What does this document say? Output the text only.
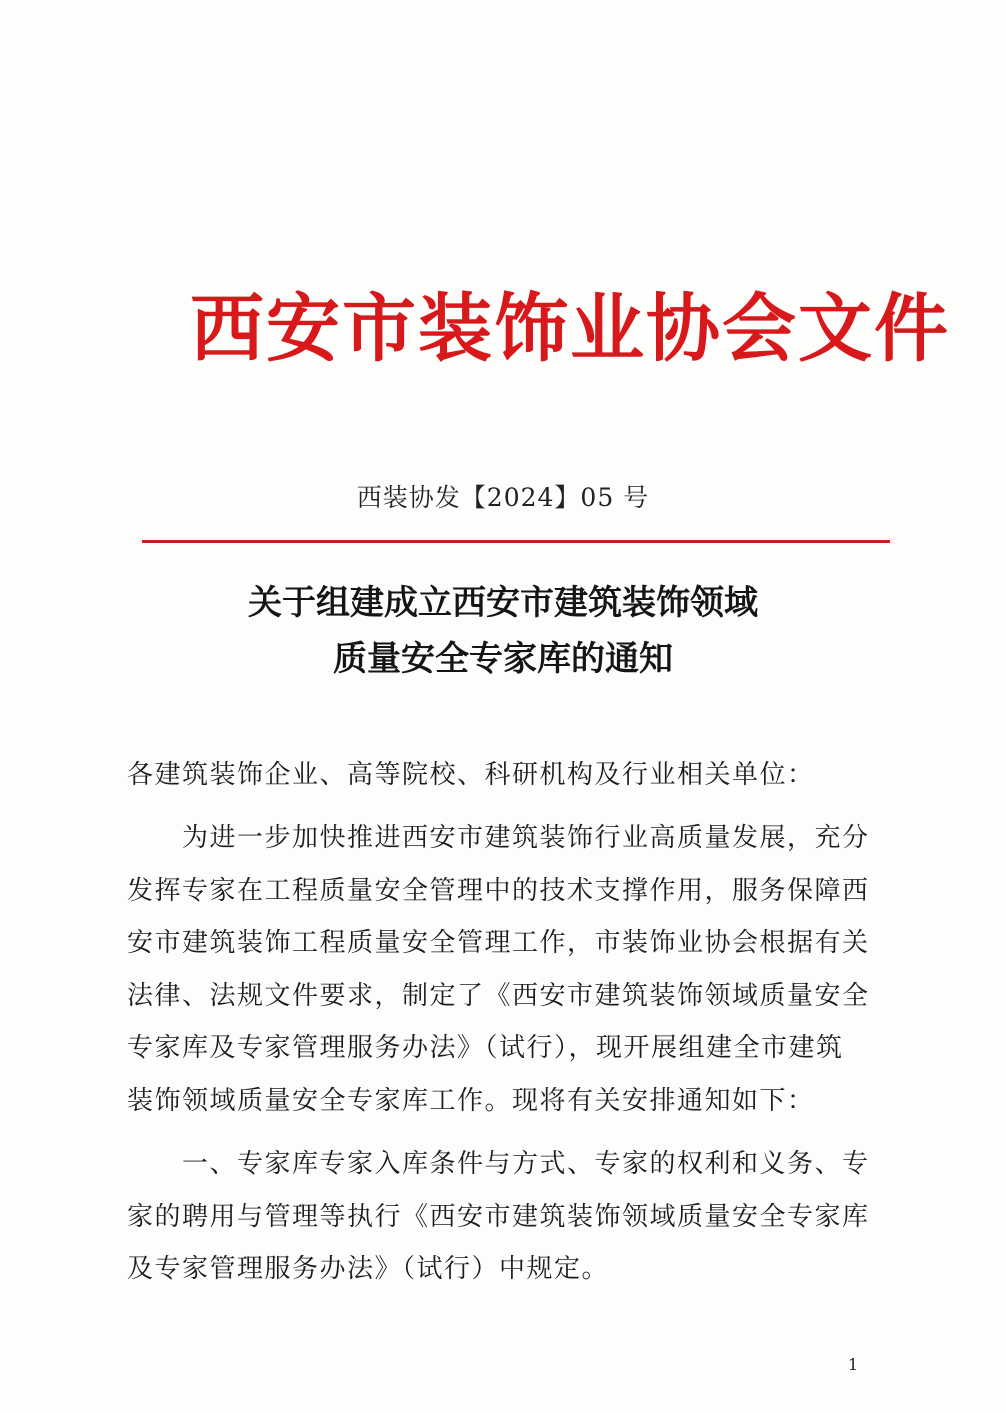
西安市装饰业协会文件
西装协发【2024】05 号
关于组建成立西安市建筑装饰领域
质量安全专家库的通知
各建筑装饰企业、高等院校、科研机构及行业相关单位：
为进一步加快推进西安市建筑装饰行业高质量发展，充分
发挥专家在工程质量安全管理中的技术支撑作用，服务保障西
安市建筑装饰工程质量安全管理工作，市装饰业协会根据有关
法律、法规文件要求，制定了《西安市建筑装饰领域质量安全
专家库及专家管理服务办法》（试行），现开展组建全市建筑
装饰领域质量安全专家库工作。现将有关安排通知如下：
一、专家库专家入库条件与方式、专家的权利和义务、专
家的聘用与管理等执行《西安市建筑装饰领域质量安全专家库
及专家管理服务办法》（试行）中规定。
1
